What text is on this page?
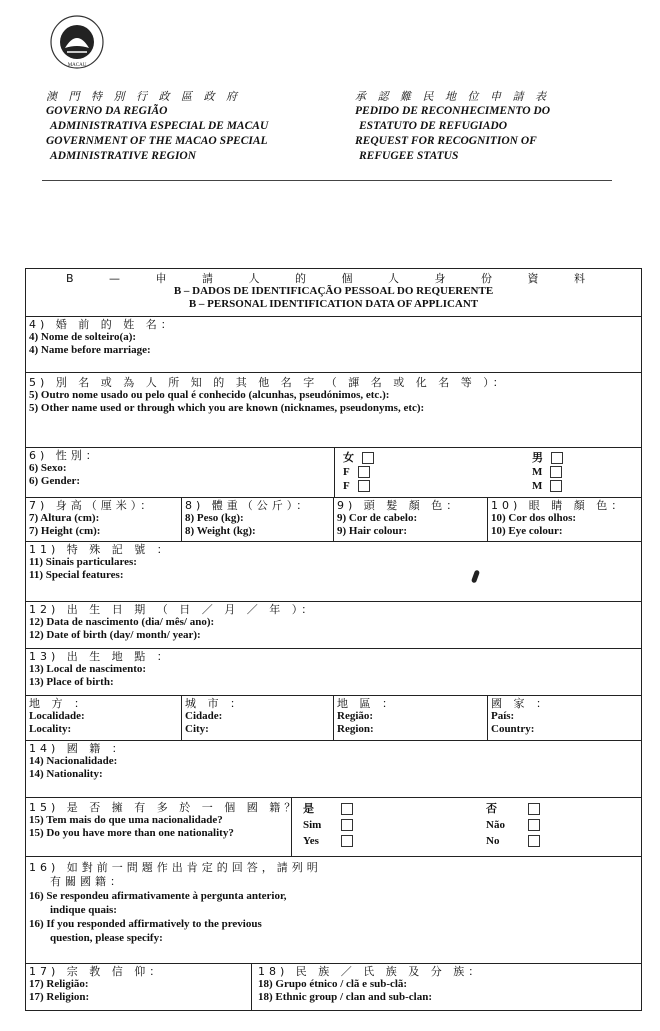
MACAU
澳 門 特 別 行 政 區 政 府
GOVERNO DA REGIÃO
ADMINISTRATIVA ESPECIAL DE MACAU
GOVERNMENT OF THE MACAO SPECIAL
ADMINISTRATIVE REGION
承 認 難 民 地 位 申 請 表
PEDIDO DE RECONHECIMENTO DO
ESTATUTO DE REFUGIADO
REQUEST FOR RECOGNITION OF
REFUGEE STATUS
B — 申 請 人 的 個 人 身 份 資 料
B – DADOS DE IDENTIFICAÇÃO PESSOAL DO REQUERENTE
B – PERSONAL IDENTIFICATION DATA OF APPLICANT
4) 婚 前 的 姓 名：
4) Nome de solteiro(a):
4) Name before marriage:
5) 別 名 或 為 人 所 知 的 其 他 名 字 （ 諢 名 或 化 名 等 ）：
5) Outro nome usado ou pelo qual é conhecido (alcunhas, pseudónimos, etc.):
5) Other name used or through which you are known (nicknames, pseudonyms, etc):
6) 性別：
6) Sexo:
6) Gender:
女
F
F
男
M
M
7) 身高（厘米）：
7) Altura (cm):
7) Height (cm):
8) 體重（公斤）：
8) Peso (kg):
8) Weight (kg):
9) 頭 髮 顏 色：
9) Cor de cabelo:
9) Hair colour:
10) 眼 睛 顏 色：
10) Cor dos olhos:
10) Eye colour:
11) 特 殊 記 號 ：
11) Sinais particulares:
11) Special features:
12) 出 生 日 期 （ 日 ／ 月 ／ 年 ）：
12) Data de nascimento (dia/ mês/ ano):
12) Date of birth (day/ month/ year):
13) 出 生 地 點 ：
13) Local de nascimento:
13) Place of birth:
地 方 ：
Localidade:
Locality:
城 市 ：
Cidade:
City:
地 區 ：
Região:
Region:
國 家 ：
País:
Country:
14) 國 籍 ：
14) Nacionalidade:
14) Nationality:
15) 是 否 擁 有 多 於 一 個 國 籍？
15) Tem mais do que uma nacionalidade?
15) Do you have more than one nationality?
是
Sim
Yes
否
Não
No
16) 如對前一問題作出肯定的回答，請列明
有關國籍：
16) Se respondeu afirmativamente à pergunta anterior,
indique quais:
16) If you responded affirmatively to the previous
question, please specify:
17) 宗 教 信 仰：
17) Religião:
17) Religion:
18) 民 族 ／ 氏 族 及 分 族：
18) Grupo étnico / clã e sub-clã:
18) Ethnic group / clan and sub-clan:
